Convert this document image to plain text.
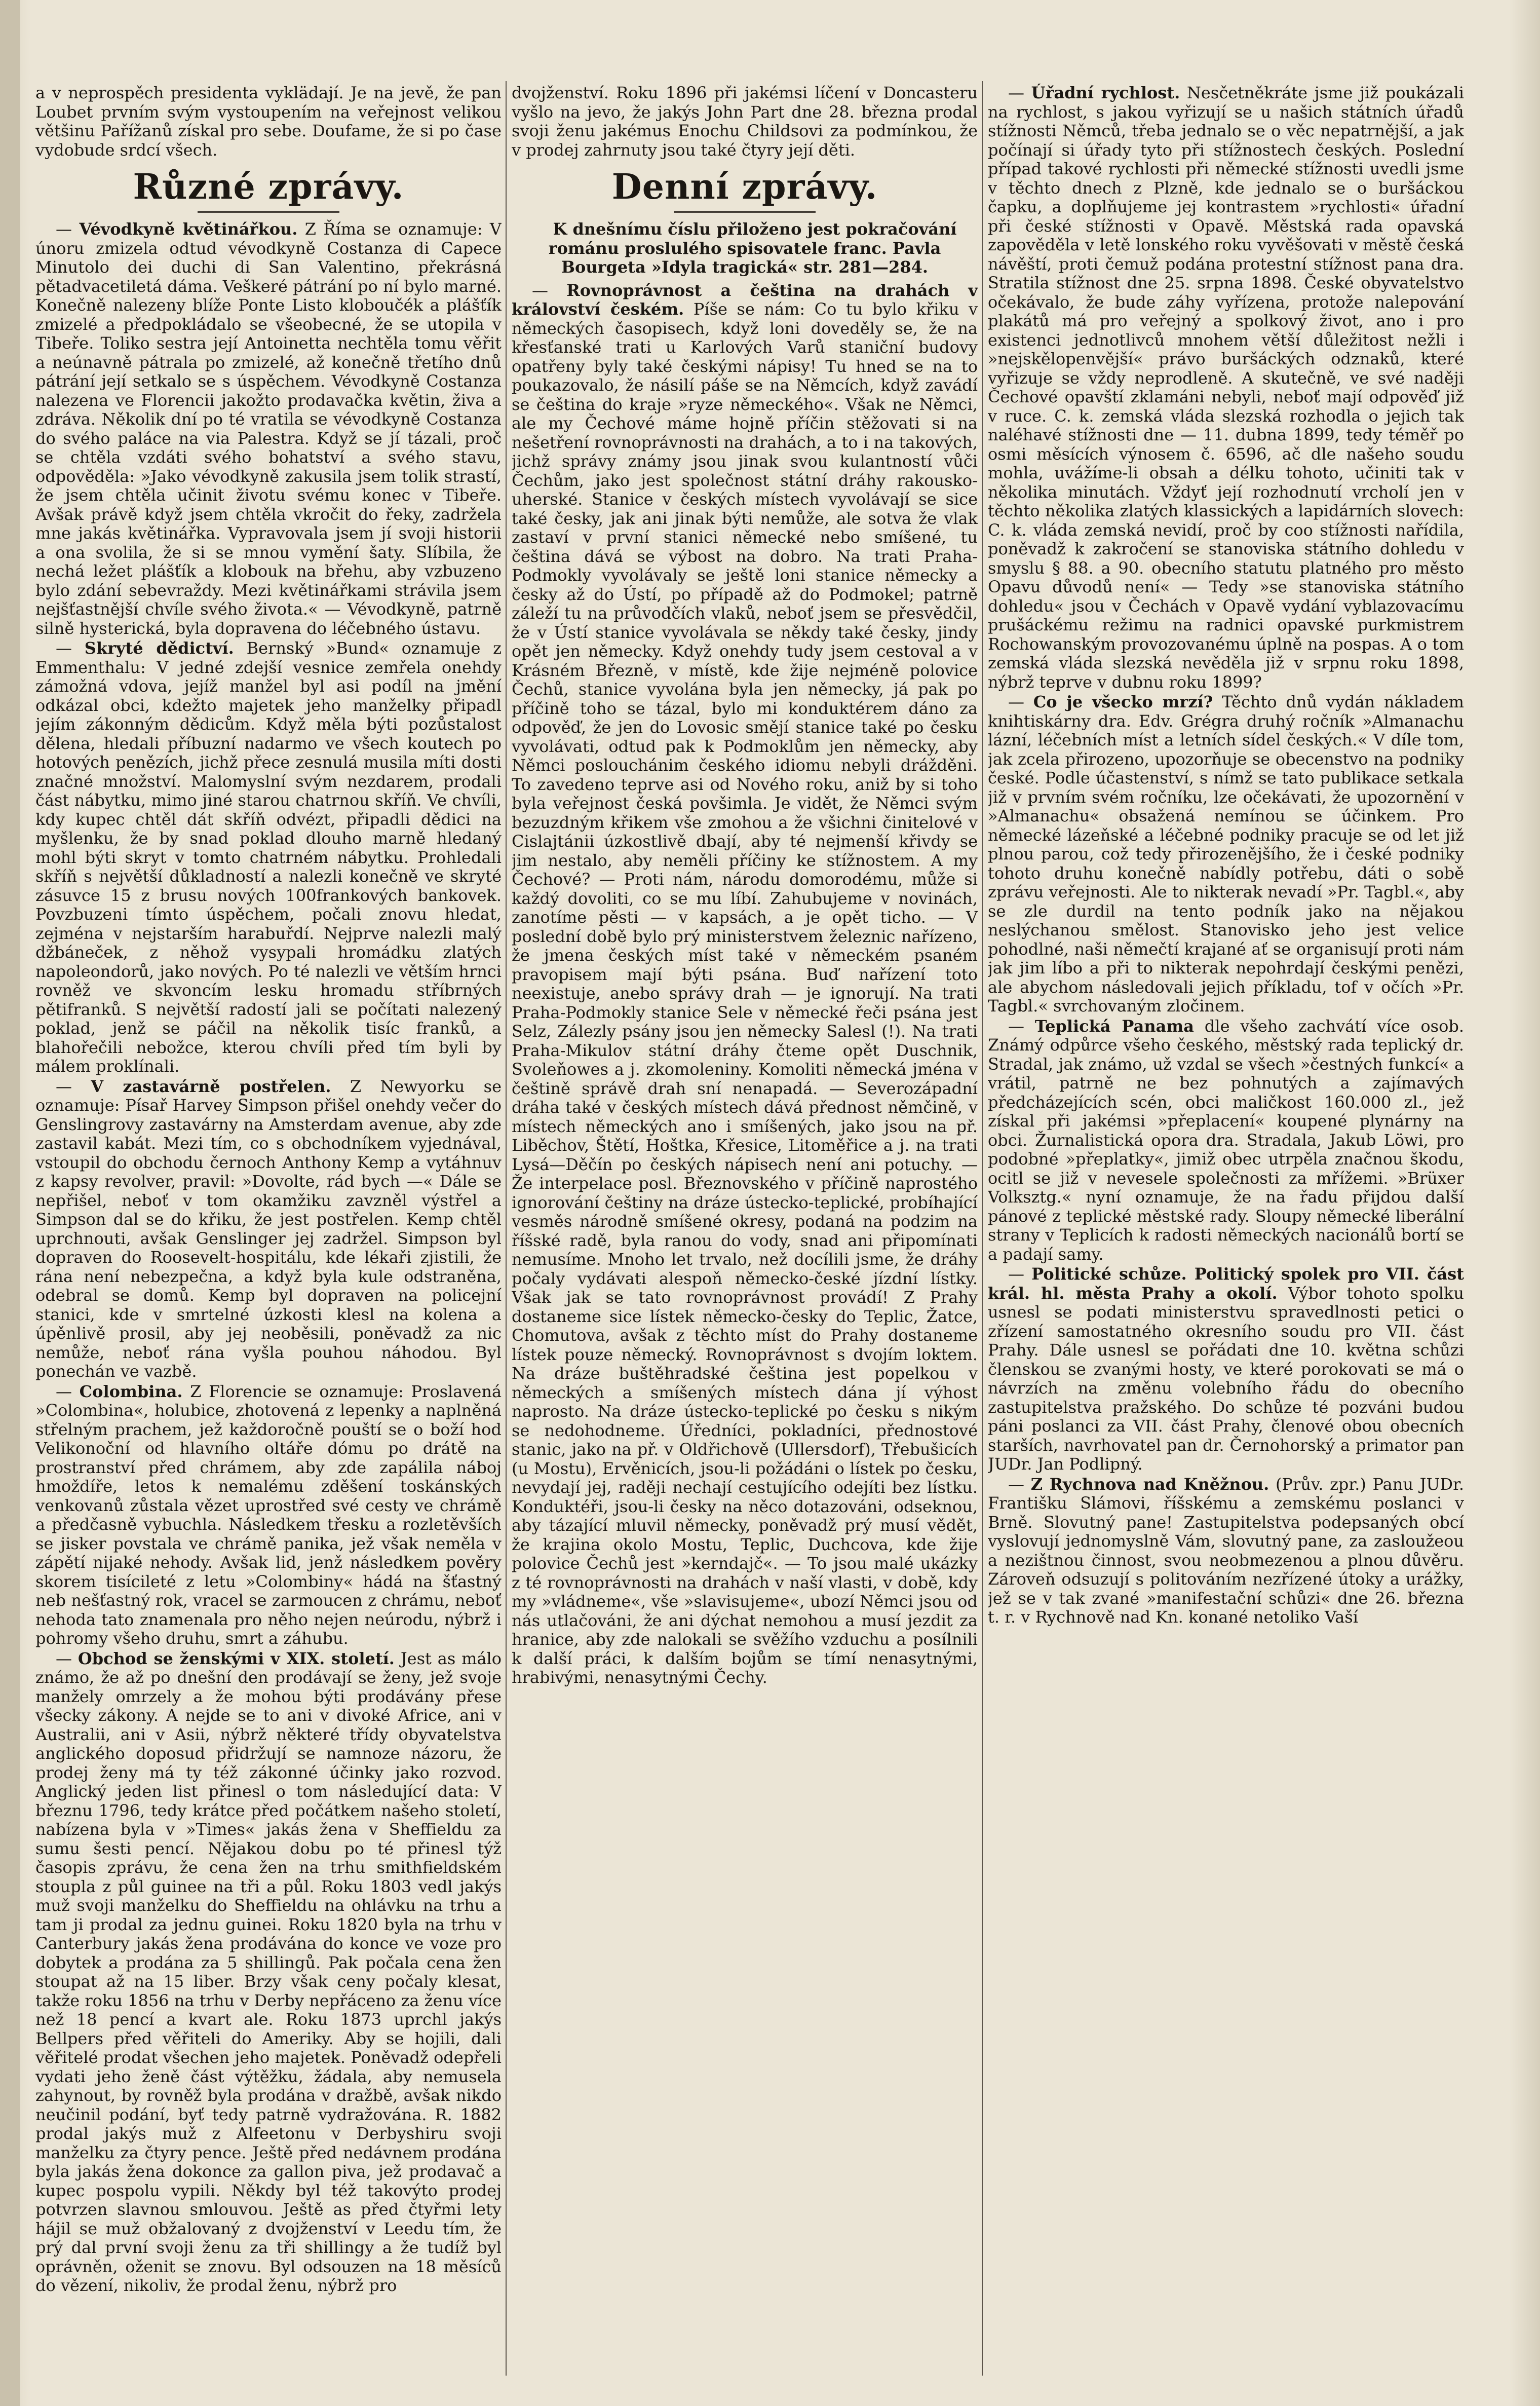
a v neprospěch presidenta vyklädají. Je na jevě, že pan Loubet prvním svým vystoupením na veřejnost velikou většinu Pařížanů získal pro sebe. Doufame, že si po čase vydobude srdcí všech.

Různé zprávy.

— Vévodkyně květinářkou. Z Říma se oznamuje: V únoru zmizela odtud vévodkyně Costanza di Capece Minutolo dei duchi di San Valentino, překrásná pětadvacetiletá dáma. Veškeré pátrání po ní bylo marné. Konečně nalezeny blíže Ponte Listo kloboučék a plášťík zmizelé a předpokládalo se všeobecné, že se utopila v Tibeře. Toliko sestra její Antoinetta nechtěla tomu věřit a neúnavně pátrala po zmizelé, až konečně třetího dnů pátrání její setkalo se s úspěchem. Vévodkyně Costanza nalezena ve Florencii jakožto prodavačka květin, živa a zdráva. Několik dní po té vratila se vévodkyně Costanza do svého paláce na via Palestra. Když se jí tázali, proč se chtěla vzdáti svého bohatství a svého stavu, odpověděla: »Jako vévodkyně zakusila jsem tolik strastí, že jsem chtěla učinit životu svému konec v Tibeře. Avšak právě když jsem chtěla vkročit do řeky, zadržela mne jakás květinářka. Vypravovala jsem jí svoji historii a ona svolila, že si se mnou vymění šaty. Slíbila, že nechá ležet plášťík a klobouk na břehu, aby vzbuzeno bylo zdání sebevraždy. Mezi květinářkami strávila jsem nejšťastnější chvíle svého života.« — Vévodkyně, patrně silně hysterická, byla dopravena do léčebného ústavu.

— Skryté dědictví. Bernský »Bund« oznamuje z Emmenthalu: V jedné zdejší vesnice zemřela onehdy zámožná vdova, jejíž manžel byl asi podíl na jmění odkázal obci, kdežto majetek jeho manželky připadl jejím zákonným dědicům. Když měla býti pozůstalost dělena, hledali příbuzní nadarmo ve všech koutech po hotových penězích, jichž přece zesnulá musila míti dosti značné množství. Malomyslní svým nezdarem, prodali část nábytku, mimo jiné starou chatrnou skříň. Ve chvíli, kdy kupec chtěl dát skříň odvézt, připadli dědici na myšlenku, že by snad poklad dlouho marně hledaný mohl býti skryt v tomto chatrném nábytku. Prohledali skříň s největší důkladností a nalezli konečně ve skryté zásuvce 15 z brusu nových 100frankových bankovek. Povzbuzeni tímto úspěchem, počali znovu hledat, zejména v nejstarším harabuřdí. Nejprve nalezli malý džbáneček, z něhož vysypali hromádku zlatých napoleondorů, jako nových. Po té nalezli ve větším hrnci rovněž ve skvoncím lesku hromadu stříbrných pětifranků. S největší radostí jali se počítati nalezený poklad, jenž se páčil na několik tisíc franků, a blahořečili nebožce, kterou chvíli před tím byli by málem proklínali.

— V zastavárně postřelen. Z Newyorku se oznamuje: Písař Harvey Simpson přišel onehdy večer do Genslingrovy zastavárny na Amsterdam avenue, aby zde zastavil kabát. Mezi tím, co s obchodníkem vyjednával, vstoupil do obchodu černoch Anthony Kemp a vytáhnuv z kapsy revolver, pravil: »Dovolte, rád bych —« Dále se nepřišel, neboť v tom okamžiku zavzněl výstřel a Simpson dal se do křiku, že jest postřelen. Kemp chtěl uprchnouti, avšak Genslinger jej zadržel. Simpson byl dopraven do Roosevelt-hospitálu, kde lékaři zjistili, že rána není nebezpečna, a když byla kule odstraněna, odebral se domů. Kemp byl dopraven na policejní stanici, kde v smrtelné úzkosti klesl na kolena a úpěnlivě prosil, aby jej neoběsili, poněvadž za nic nemůže, neboť rána vyšla pouhou náhodou. Byl ponechán ve vazbě.

— Colombina. Z Florencie se oznamuje: Proslavená »Colombina«, holubice, zhotovená z lepenky a naplněná střelným prachem, jež každoročně pouští se o boží hod Velikonoční od hlavního oltáře dómu po drátě na prostranství před chrámem, aby zde zapálila náboj hmoždíře, letos k nemalému zděšení toskánských venkovanů zůstala vězet uprostřed své cesty ve chrámě a předčasně vybuchla. Následkem třesku a rozletěvších se jisker povstala ve chrámě panika, jež však neměla v zápětí nijaké nehody. Avšak lid, jenž následkem pověry skorem tisícileté z letu »Colombiny« hádá na šťastný neb nešťastný rok, vracel se zarmoucen z chrámu, neboť nehoda tato znamenala pro něho nejen neúrodu, nýbrž i pohromy všeho druhu, smrt a záhubu.

— Obchod se ženskými v XIX. století. Jest as málo známo, že až po dnešní den prodávají se ženy, jež svoje manžely omrzely a že mohou býti prodávány přese všecky zákony. A nejde se to ani v divoké Africe, ani v Australii, ani v Asii, nýbrž některé třídy obyvatelstva anglického doposud přidržují se namnoze názoru, že prodej ženy má ty též zákonné účinky jako rozvod. Anglický jeden list přinesl o tom následující data: V březnu 1796, tedy krátce před počátkem našeho století, nabízena byla v »Times« jakás žena v Sheffieldu za sumu šesti pencí. Nějakou dobu po té přinesl týž časopis zprávu, že cena žen na trhu smithfieldském stoupla z půl guinee na tři a půl. Roku 1803 vedl jakýs muž svoji manželku do Sheffieldu na ohlávku na trhu a tam ji prodal za jednu guinei. Roku 1820 byla na trhu v Canterbury jakás žena prodávána do konce ve voze pro dobytek a prodána za 5 shillingů. Pak počala cena žen stoupat až na 15 liber. Brzy však ceny počaly klesat, takže roku 1856 na trhu v Derby nepřáceno za ženu více než 18 pencí a kvart ale. Roku 1873 uprchl jakýs Bellpers před věřiteli do Ameriky. Aby se hojili, dali věřitelé prodat všechen jeho majetek. Poněvadž odepřeli vydati jeho ženě část výtěžku, žádala, aby nemusela zahynout, by rovněž byla prodána v dražbě, avšak nikdo neučinil podání, byť tedy patrně vydražována. R. 1882 prodal jakýs muž z Alfeetonu v Derbyshiru svoji manželku za čtyry pence. Ještě před nedávnem prodána byla jakás žena dokonce za gallon piva, jež prodavač a kupec pospolu vypili. Někdy byl též takovýto prodej potvrzen slavnou smlouvou. Ještě as před čtyřmi lety hájil se muž obžalovaný z dvojženství v Leedu tím, že prý dal první svoji ženu za tři shillingy a že tudíž byl oprávněn, oženit se znovu. Byl odsouzen na 18 měsíců do vězení, nikoliv, že prodal ženu, nýbrž pro

dvojženství. Roku 1896 při jakémsi líčení v Doncasteru vyšlo na jevo, že jakýs John Part dne 28. března prodal svoji ženu jakémus Enochu Childsovi za podmínkou, že v prodej zahrnuty jsou také čtyry její děti.

Denní zprávy.

K dnešnímu číslu přiloženo jest pokračování románu proslulého spisovatele franc. Pavla Bourgeta »Idyla tragická« str. 281—284.

— Rovnoprávnost a čeština na drahách v království českém. Píše se nám: Co tu bylo křiku v německých časopisech, když loni doveděly se, že na křesťanské trati u Karlových Varů staniční budovy opatřeny byly také českými nápisy! Tu hned se na to poukazovalo, že násilí páše se na Němcích, když zavádí se čeština do kraje »ryze německého«. Však ne Němci, ale my Čechové máme hojně příčin stěžovati si na nešetření rovnoprávnosti na drahách, a to i na takových, jichž správy známy jsou jinak svou kulantností vůči Čechům, jako jest společnost státní dráhy rakousko-uherské. Stanice v českých místech vyvolávají se sice také česky, jak ani jinak býti nemůže, ale sotva že vlak zastaví v první stanici německé nebo smíšené, tu čeština dává se výbost na dobro. Na trati Praha-Podmokly vyvolávaly se ještě loni stanice německy a česky až do Ústí, po případě až do Podmokel; patrně záleží tu na průvodčích vlaků, neboť jsem se přesvědčil, že v Ústí stanice vyvolávala se někdy také česky, jindy opět jen německy. Když onehdy tudy jsem cestoval a v Krásném Březně, v místě, kde žije nejméně polovice Čechů, stanice vyvolána byla jen německy, já pak po příčině toho se tázal, bylo mi konduktérem dáno za odpověď, že jen do Lovosic smějí stanice také po česku vyvolávati, odtud pak k Podmoklům jen německy, aby Němci poslouchánim českého idiomu nebyli drážděni. To zavedeno teprve asi od Nového roku, aniž by si toho byla veřejnost česká povšimla. Je vidět, že Němci svým bezuzdným křikem vše zmohou a že všichni činitelové v Cislajtánii úzkostlivě dbají, aby té nejmenší křivdy se jim nestalo, aby neměli příčiny ke stížnostem. A my Čechové? — Proti nám, národu domorodému, může si každý dovoliti, co se mu líbí. Zahubujeme v novinách, zanotíme pěsti — v kapsách, a je opět ticho. — V poslední době bylo prý ministerstvem železnic nařízeno, že jmena českých míst také v německém psaném pravopisem mají býti psána. Buď nařízení toto neexistuje, anebo správy drah — je ignorují. Na trati Praha-Podmokly stanice Sele v německé řeči psána jest Selz, Zálezly psány jsou jen německy Salesl (!). Na trati Praha-Mikulov státní dráhy čteme opět Duschnik, Svoleňowes a j. zkomoleniny. Komoliti německá jména v češtině správě drah sní nenapadá. — Severozápadní dráha také v českých místech dává přednost němčině, v místech německých ano i smíšených, jako jsou na př. Liběchov, Štětí, Hoštka, Křesice, Litoměřice a j. na trati Lysá—Děčín po českých nápisech není ani potuchy. — Že interpelace posl. Březnovského v příčině naprostého ignorování češtiny na dráze ústecko-teplické, probíhající vesměs národně smíšené okresy, podaná na podzim na říšské radě, byla ranou do vody, snad ani připomínati nemusíme. Mnoho let trvalo, než docílili jsme, že dráhy počaly vydávati alespoň německo-české jízdní lístky. Však jak se tato rovnoprávnost provádí! Z Prahy dostaneme sice lístek německo-česky do Teplic, Žatce, Chomutova, avšak z těchto míst do Prahy dostaneme lístek pouze německý. Rovnoprávnost s dvojím loktem. Na dráze buštěhradské čeština jest popelkou v německých a smíšených místech dána jí výhost naprosto. Na dráze ústecko-teplické po česku s nikým se nedohodneme. Úředníci, pokladníci, přednostové stanic, jako na př. v Oldřichově (Ullersdorf), Třebušicích (u Mostu), Ervěnicích, jsou-li požádáni o lístek po česku, nevydají jej, raději nechají cestujícího odejíti bez lístku. Konduktéři, jsou-li česky na něco dotazováni, odseknou, aby tázající mluvil německy, poněvadž prý musí vědět, že krajina okolo Mostu, Teplic, Duchcova, kde žije polovice Čechů jest »kerndajč«. — To jsou malé ukázky z té rovnoprávnosti na drahách v naší vlasti, v době, kdy my »vládneme«, vše »slavisujeme«, ubozí Němci jsou od nás utlačováni, že ani dýchat nemohou a musí jezdit za hranice, aby zde nalokali se svěžího vzduchu a posílnili k další práci, k dalším bojům se tímí nenasytnými, hrabivými, nenasytnými Čechy.

— Úřadní rychlost. Nesčetněkráte jsme již poukázali na rychlost, s jakou vyřizují se u našich státních úřadů stížnosti Němců, třeba jednalo se o věc nepatrnější, a jak počínají si úřady tyto při stížnostech českých. Poslední případ takové rychlosti při německé stížnosti uvedli jsme v těchto dnech z Plzně, kde jednalo se o buršáckou čapku, a doplňujeme jej kontrastem »rychlosti« úřadní při české stížnosti v Opavě. Městská rada opavská zapověděla v letě lonského roku vyvěšovati v městě česká návěští, proti čemuž podána protestní stížnost pana dra. Stratila stížnost dne 25. srpna 1898. České obyvatelstvo očekávalo, že bude záhy vyřízena, protože nalepování plakátů má pro veřejný a spolkový život, ano i pro existenci jednotlivců mnohem větší důležitost nežli i »nejskělopenvější« právo buršáckých odznaků, které vyřizuje se vždy neprodleně. A skutečně, ve své naději Čechové opavští zklamáni nebyli, neboť mají odpověď již v ruce. C. k. zemská vláda slezská rozhodla o jejich tak naléhavé stížnosti dne — 11. dubna 1899, tedy téměř po osmi měsících výnosem č. 6596, ač dle našeho soudu mohla, uvážíme-li obsah a délku tohoto, učiniti tak v několika minutách. Vždyť její rozhodnutí vrcholí jen v těchto několika zlatých klassických a lapidárních slovech: C. k. vláda zemská nevidí, proč by coo stížnosti nařídila, poněvadž k zakročení se stanoviska státního dohledu v smyslu § 88. a 90. obecního statutu platného pro město Opavu důvodů není« — Tedy »se stanoviska státního dohledu« jsou v Čechách v Opavě vydání vyblazovacímu prušáckému režimu na radnici opavské purkmistrem Rochowanským provozovanému úplně na pospas. A o tom zemská vláda slezská nevěděla již v srpnu roku 1898, nýbrž teprve v dubnu roku 1899?

— Co je všecko mrzí? Těchto dnů vydán nákladem knihtiskárny dra. Edv. Grégra druhý ročník »Almanachu lázní, léčebních míst a letních sídel českých.« V díle tom, jak zcela přirozeno, upozorňuje se obecenstvo na podniky české. Podle účastenství, s nímž se tato publikace setkala již v prvním svém ročníku, lze očekávati, že upozornění v »Almanachu« obsažená nemínou se účinkem. Pro německé lázeňské a léčebné podniky pracuje se od let již plnou parou, což tedy přirozenějšího, že i české podniky tohoto druhu konečně nabídly potřebu, dáti o sobě zprávu veřejnosti. Ale to nikterak nevadí »Pr. Tagbl.«, aby se zle durdil na tento podník jako na nějakou neslýchanou smělost. Stanovisko jeho jest velice pohodlné, naši němečtí krajané ať se organisují proti nám jak jim líbo a při to nikterak nepohrdají českými penězi, ale abychom následovali jejich příkladu, tof v očích »Pr. Tagbl.« svrchovaným zločinem.

— Teplická Panama dle všeho zachvátí více osob. Známý odpůrce všeho českého, městský rada teplický dr. Stradal, jak známo, už vzdal se všech »čestných funkcí« a vrátil, patrně ne bez pohnutých a zajímavých předcházejících scén, obci maličkost 160.000 zl., jež získal při jakémsi »přeplacení« koupené plynárny na obci. Žurnalistická opora dra. Stradala, Jakub Löwi, pro podobné »přeplatky«, jimiž obec utrpěla značnou škodu, ocitl se již v nevesele společnosti za mřížemi. »Brüxer Volksztg.« nyní oznamuje, že na řadu přijdou další pánové z teplické městské rady. Sloupy německé liberální strany v Teplicích k radosti německých nacionálů bortí se a padají samy.

— Politické schůze. Politický spolek pro VII. část král. hl. města Prahy a okolí. Výbor tohoto spolku usnesl se podati ministerstvu spravedlnosti petici o zřízení samostatného okresního soudu pro VII. část Prahy. Dále usnesl se pořádati dne 10. května schůzi členskou se zvanými hosty, ve které porokovati se má o návrzích na změnu volebního řádu do obecního zastupitelstva pražského. Do schůze té pozváni budou páni poslanci za VII. část Prahy, členové obou obecních starších, navrhovatel pan dr. Černohorský a primator pan JUDr. Jan Podlipný.

— Z Rychnova nad Kněžnou. (Prův. zpr.) Panu JUDr. Františku Slámovi, říšskému a zemskému poslanci v Brně. Slovutný pane! Zastupitelstva podepsaných obcí vyslovují jednomyslně Vám, slovutný pane, za zasloužeou a nezištnou činnost, svou neobmezenou a plnou důvěru. Zároveň odsuzují s politováním nezřízené útoky a urážky, jež se v tak zvané »manifestační schůzi« dne 26. března t. r. v Rychnově nad Kn. konané netoliko Vaší
